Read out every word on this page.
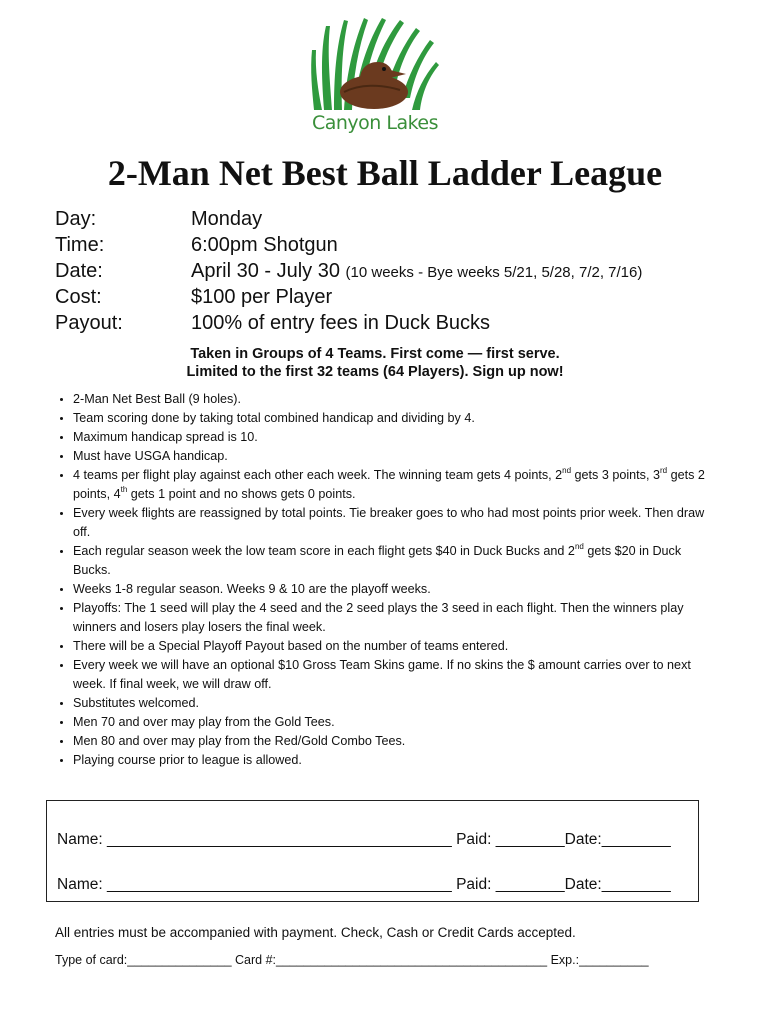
Canyon Lakes
2-Man Net Best Ball Ladder League
Day:	Monday
Time:	6:00pm Shotgun
Date:	April 30 - July 30 (10 weeks - Bye weeks 5/21, 5/28, 7/2, 7/16)
Cost:	$100 per Player
Payout:	100% of entry fees in Duck Bucks
Taken in Groups of 4 Teams. First come — first serve.
Limited to the first 32 teams (64 Players). Sign up now!
• 2-Man Net Best Ball (9 holes).
• Team scoring done by taking total combined handicap and dividing by 4.
• Maximum handicap spread is 10.
• Must have USGA handicap.
• 4 teams per flight play against each other each week. The winning team gets 4 points, 2nd gets 3 points, 3rd gets 2 points, 4th gets 1 point and no shows gets 0 points.
• Every week flights are reassigned by total points. Tie breaker goes to who had most points prior week. Then draw off.
• Each regular season week the low team score in each flight gets $40 in Duck Bucks and 2nd gets $20 in Duck Bucks.
• Weeks 1-8 regular season. Weeks 9 & 10 are the playoff weeks.
• Playoffs: The 1 seed will play the 4 seed and the 2 seed plays the 3 seed in each flight. Then the winners play winners and losers play losers the final week.
• There will be a Special Playoff Payout based on the number of teams entered.
• Every week we will have an optional $10 Gross Team Skins game. If no skins the $ amount carries over to next week. If final week, we will draw off.
• Substitutes welcomed.
• Men 70 and over may play from the Gold Tees.
• Men 80 and over may play from the Red/Gold Combo Tees.
• Playing course prior to league is allowed.
Name: ________________________________________ Paid: ________Date:________
Name: ________________________________________ Paid: ________Date:________
All entries must be accompanied with payment. Check, Cash or Credit Cards accepted.
Type of card:_______________ Card #:_______________________________________ Exp.:__________
